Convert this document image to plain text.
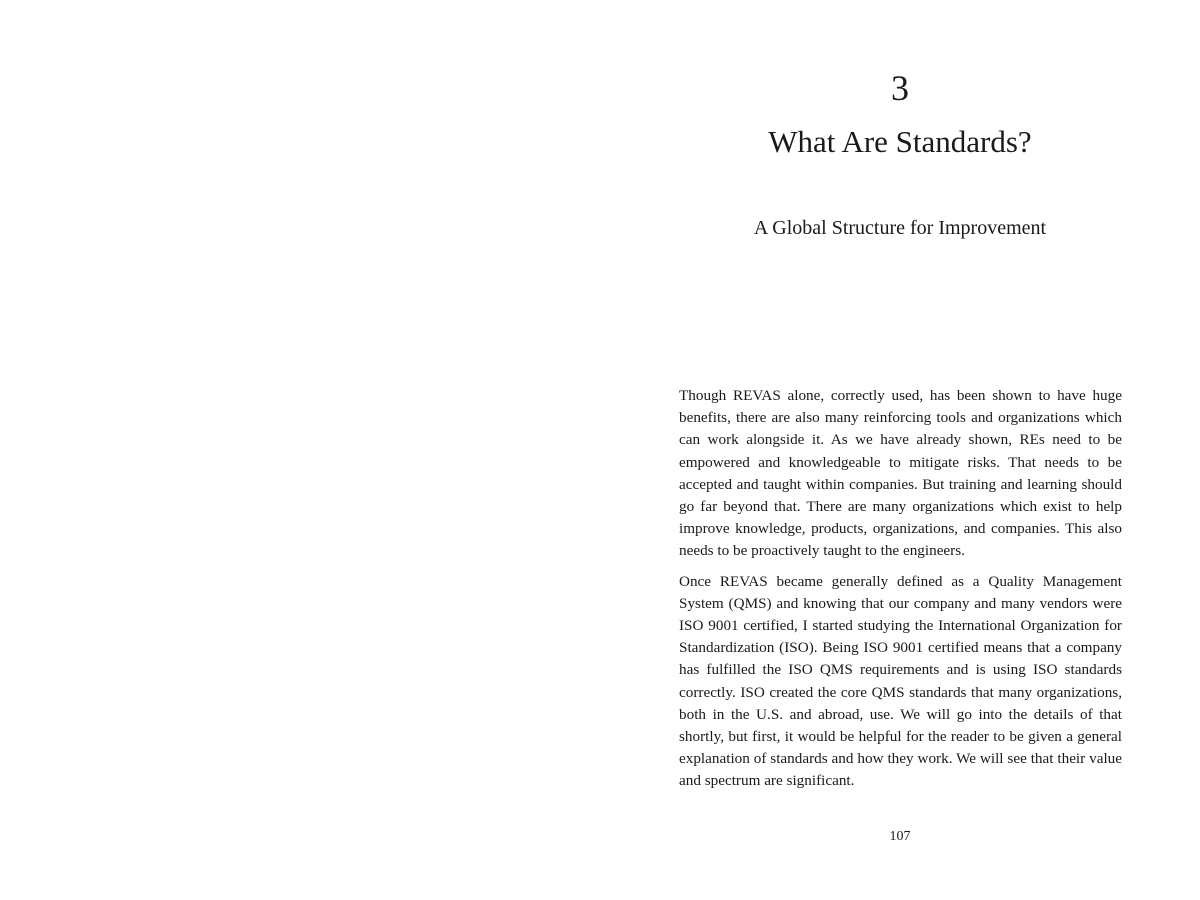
3
What Are Standards?
A Global Structure for Improvement

Though REVAS alone, correctly used, has been shown to have huge benefits, there are also many reinforcing tools and organizations which can work alongside it. As we have already shown, REs need to be empowered and knowledgeable to mitigate risks. That needs to be accepted and taught within companies. But training and learning should go far beyond that. There are many organizations which exist to help improve knowledge, products, organizations, and companies. This also needs to be proactively taught to the engineers.

Once REVAS became generally defined as a Quality Management System (QMS) and knowing that our company and many vendors were ISO 9001 certified, I started studying the International Organization for Standardization (ISO). Being ISO 9001 certified means that a company has fulfilled the ISO QMS requirements and is using ISO standards correctly. ISO created the core QMS standards that many organizations, both in the U.S. and abroad, use. We will go into the details of that shortly, but first, it would be helpful for the reader to be given a general explanation of standards and how they work. We will see that their value and spectrum are significant.

107
